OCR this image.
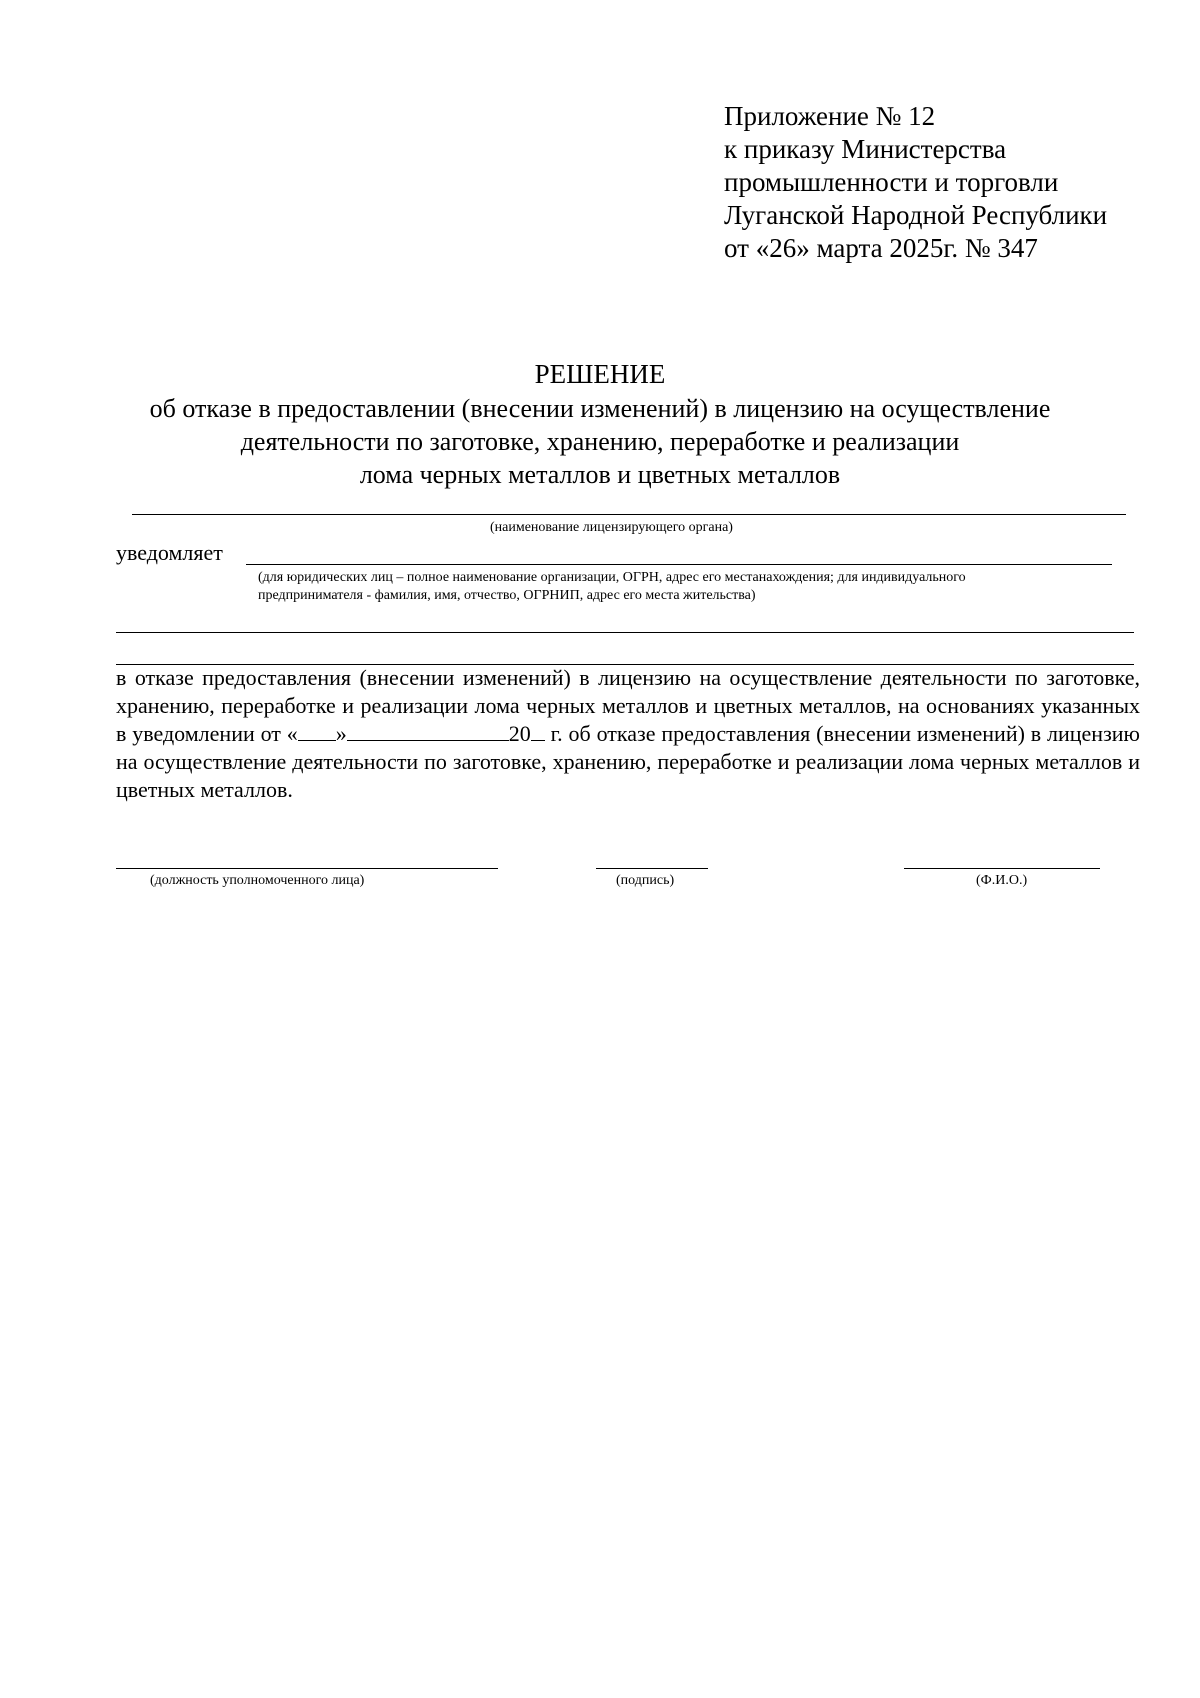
Приложение № 12
к приказу Министерства
промышленности и торговли
Луганской Народной Республики
от «26» марта 2025г. № 347
РЕШЕНИЕ
об отказе в предоставлении (внесении изменений) в лицензию на осуществление
деятельности по заготовке, хранению, переработке и реализации
лома черных металлов и цветных металлов
(наименование лицензирующего органа)
уведомляет
(для юридических лиц – полное наименование организации, ОГРН, адрес его местанахождения; для индивидуального
предпринимателя - фамилия, имя, отчество, ОГРНИП, адрес его места жительства)

в отказе предоставления (внесении изменений) в лицензию на осуществление деятельности по заготовке, хранению, переработке и реализации лома черных металлов и цветных металлов, на основаниях указанных в уведомлении от « »	20 г. об отказе предоставления (внесении изменений) в лицензию на осуществление деятельности по заготовке, хранению, переработке и реализации лома черных металлов и цветных металлов.

(должность уполномоченного лица)	(подпись)	(Ф.И.О.)
